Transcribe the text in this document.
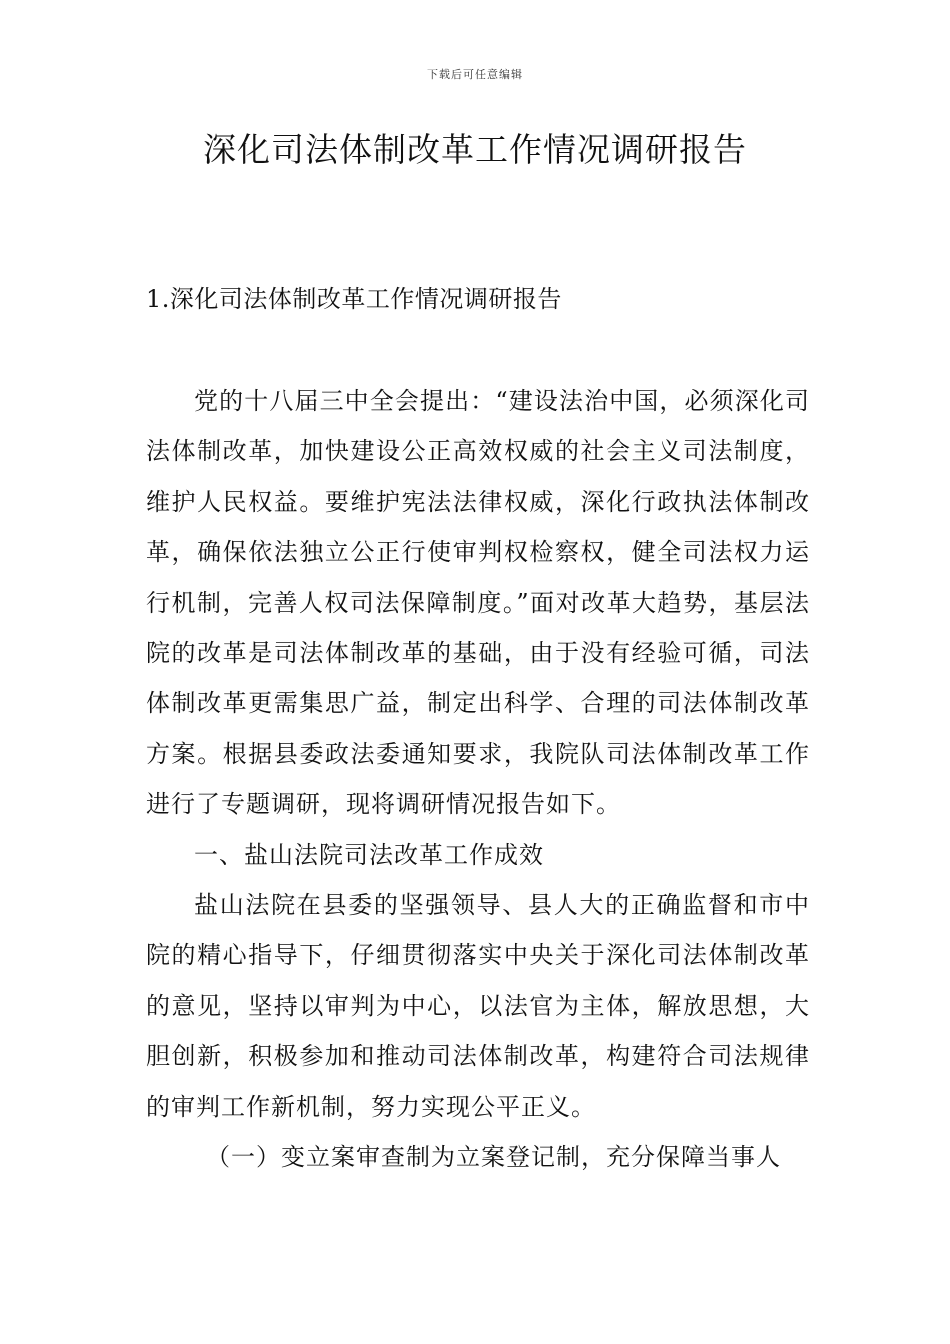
下载后可任意编辑
深化司法体制改革工作情况调研报告
1.深化司法体制改革工作情况调研报告

党的十八届三中全会提出：“建设法治中国，必须深化司法体制改革，加快建设公正高效权威的社会主义司法制度，维护人民权益。要维护宪法法律权威，深化行政执法体制改革，确保依法独立公正行使审判权检察权，健全司法权力运行机制，完善人权司法保障制度。”面对改革大趋势，基层法院的改革是司法体制改革的基础，由于没有经验可循，司法体制改革更需集思广益，制定出科学、合理的司法体制改革方案。根据县委政法委通知要求，我院队司法体制改革工作进行了专题调研，现将调研情况报告如下。

一、盐山法院司法改革工作成效

盐山法院在县委的坚强领导、县人大的正确监督和市中院的精心指导下，仔细贯彻落实中央关于深化司法体制改革的意见，坚持以审判为中心，以法官为主体，解放思想，大胆创新，积极参加和推动司法体制改革，构建符合司法规律的审判工作新机制，努力实现公平正义。

（一）变立案审查制为立案登记制，充分保障当事人
